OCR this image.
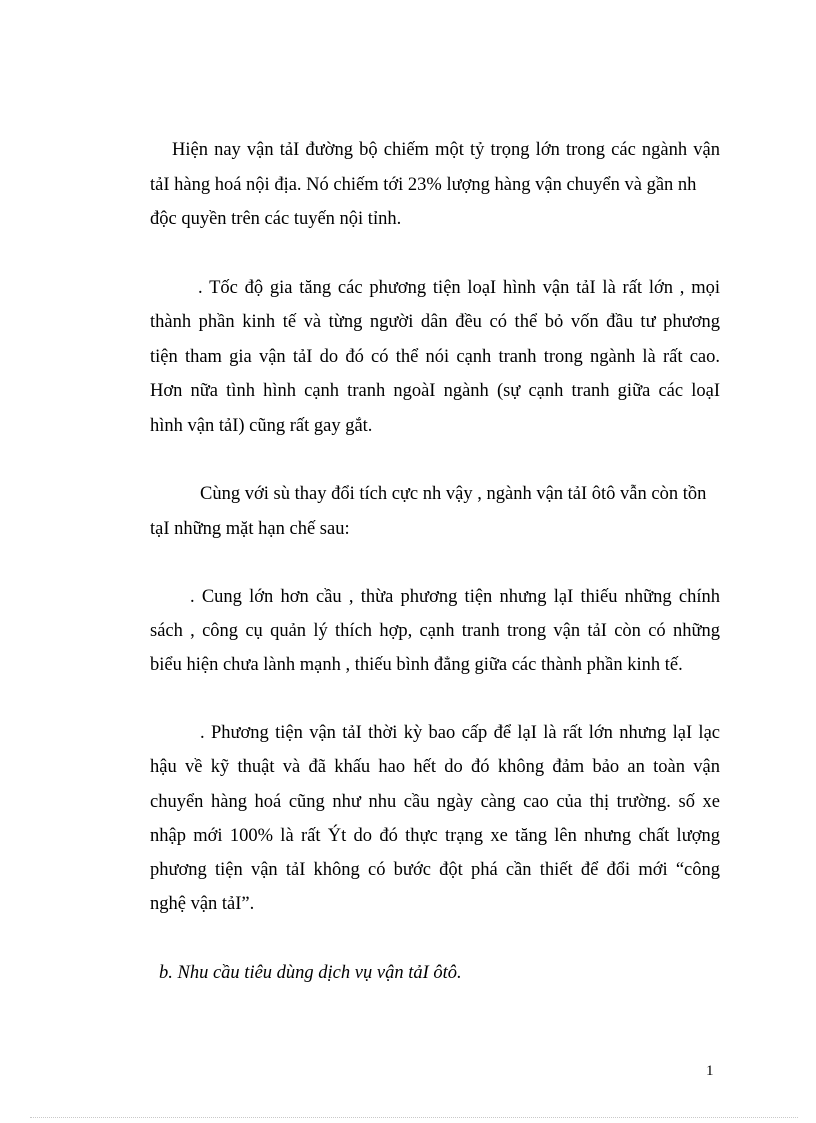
Hiện nay vận tảI đường bộ chiếm một tỷ trọng lớn trong các ngành vận

tảI hàng hoá nội địa. Nó chiếm tới 23% lượng hàng vận chuyển và gần nh

độc quyền trên các tuyến nội tỉnh.

. Tốc độ gia tăng các phương tiện loạI hình vận tảI là rất lớn , mọi

thành phần kinh tế và từng người dân đều có thể bỏ vốn đầu tư phương

tiện tham gia vận tảI do đó có thể nói cạnh tranh trong ngành là rất cao.

Hơn nữa tình hình cạnh tranh ngoàI ngành (sự cạnh tranh giữa các loạI

hình vận tảI) cũng rất gay gắt.

Cùng với sù thay đổi tích cực nh vậy , ngành vận tảI ôtô vẫn còn tồn

tạI những mặt hạn chế sau:

. Cung lớn hơn cầu , thừa phương tiện nhưng lạI thiếu những chính

sách , công cụ quản lý thích hợp, cạnh tranh trong vận tảI còn có những

biểu hiện chưa lành mạnh , thiếu bình đẳng giữa các thành phần kinh tế.

. Phương tiện vận tảI thời kỳ bao cấp để lạI là rất lớn nhưng lạI lạc

hậu về kỹ thuật và đã khấu hao hết do đó không đảm bảo an toàn vận

chuyển hàng hoá cũng như nhu cầu ngày càng cao của thị trường. số xe

nhập mới 100% là rất Ýt do đó thực trạng xe tăng lên nhưng chất lượng

phương tiện vận tảI không có bước đột phá cần thiết để đổi mới “công

nghệ vận tảI”.

b. Nhu cầu tiêu dùng dịch vụ vận tảI ôtô.

1
